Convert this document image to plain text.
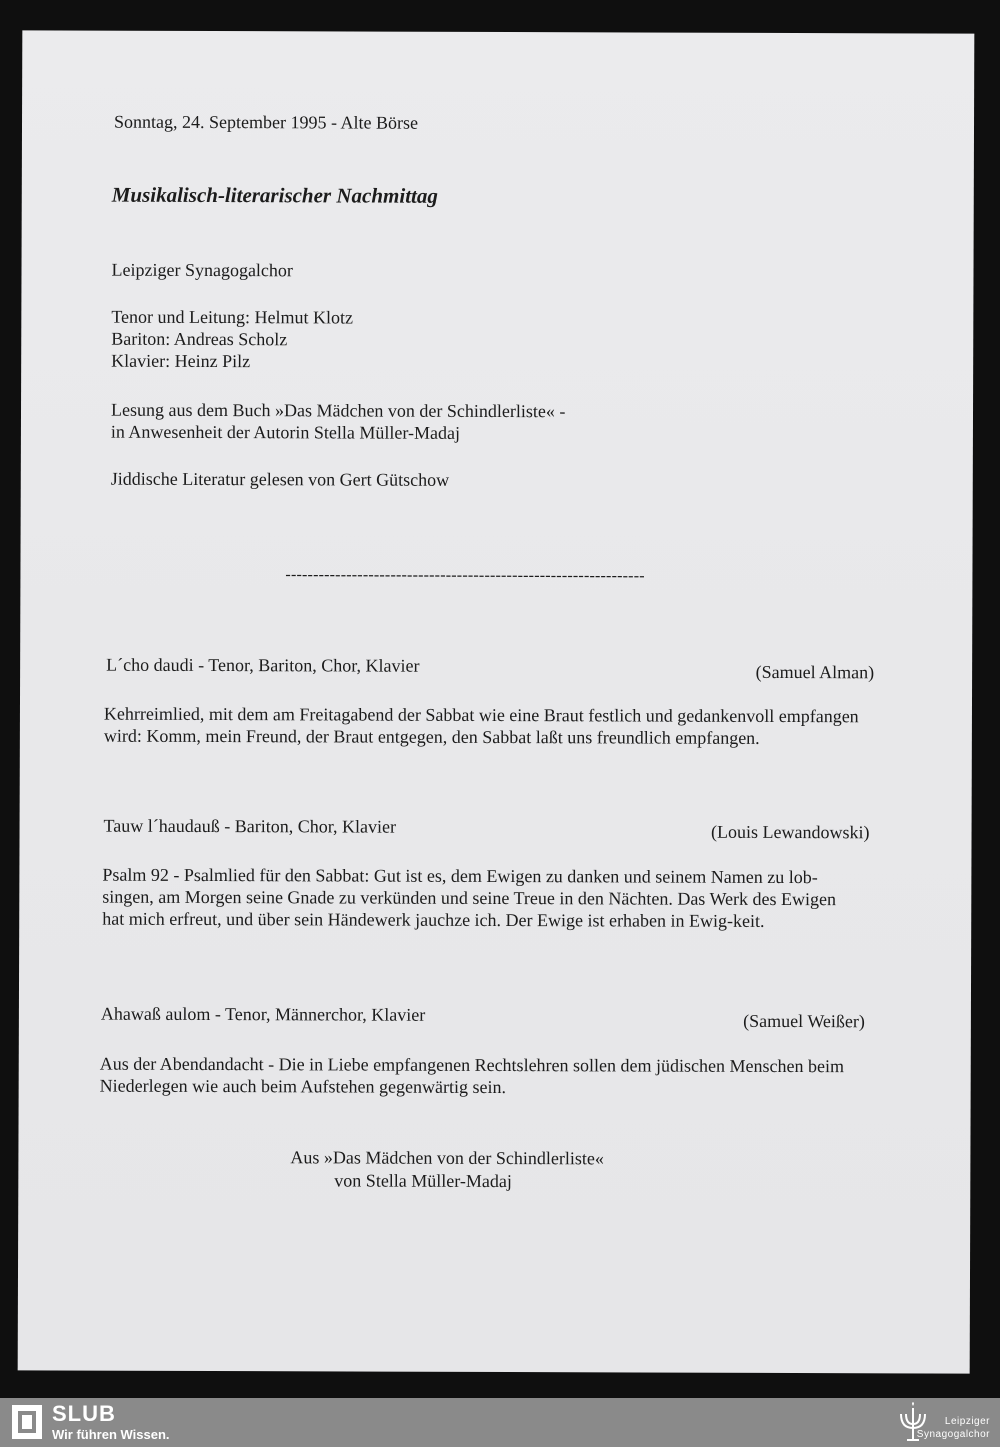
Sonntag, 24. September 1995 - Alte Börse
Musikalisch-literarischer Nachmittag
Leipziger Synagogalchor
Tenor und Leitung: Helmut Klotz
Bariton: Andreas Scholz
Klavier: Heinz Pilz
Lesung aus dem Buch »Das Mädchen von der Schindlerliste« -
in Anwesenheit der Autorin Stella Müller-Madaj
Jiddische Literatur gelesen von Gert Gütschow
-----------------------------------------------------------------
L´cho daudi - Tenor, Bariton, Chor, Klavier	(Samuel Alman)
Kehrreimlied, mit dem am Freitagabend der Sabbat wie eine Braut festlich und gedankenvoll empfangen wird: Komm, mein Freund, der Braut entgegen, den Sabbat laßt uns freundlich empfangen.
Tauw l´haudauß - Bariton, Chor, Klavier	(Louis Lewandowski)
Psalm 92 - Psalmlied für den Sabbat: Gut ist es, dem Ewigen zu danken und seinem Namen zu lob-singen, am Morgen seine Gnade zu verkünden und seine Treue in den Nächten. Das Werk des Ewigen hat mich erfreut, und über sein Händewerk jauchze ich. Der Ewige ist erhaben in Ewig-keit.
Ahawaß aulom - Tenor, Männerchor, Klavier	(Samuel Weißer)
Aus der Abendandacht - Die in Liebe empfangenen Rechtslehren sollen dem jüdischen Menschen beim Niederlegen wie auch beim Aufstehen gegenwärtig sein.
Aus »Das Mädchen von der Schindlerliste«
von Stella Müller-Madaj
SLUB
Wir führen Wissen.
Leipziger
Synagogalchor
